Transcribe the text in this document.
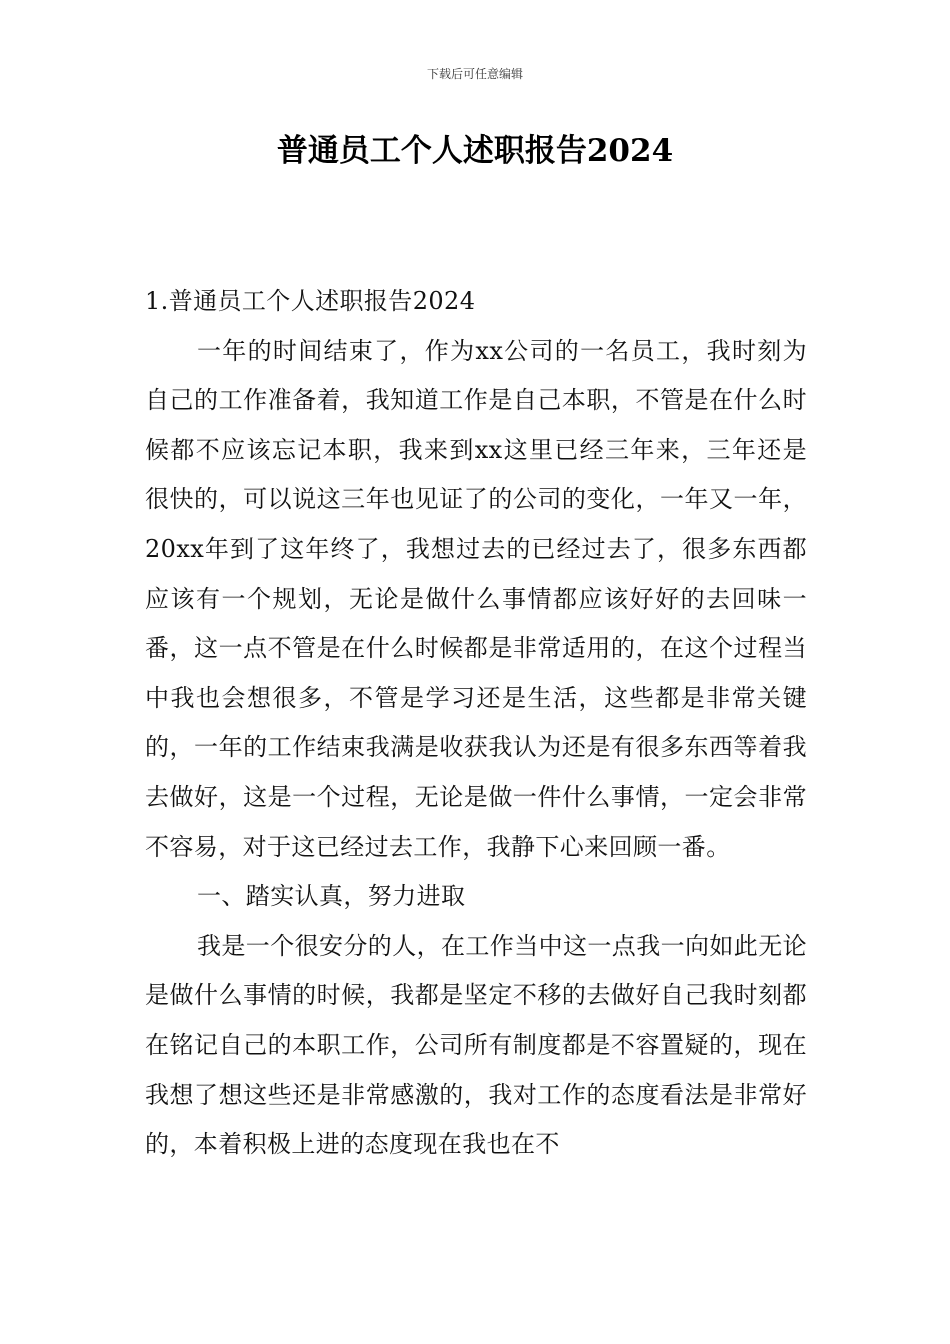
下载后可任意编辑
普通员工个人述职报告2024

1.普通员工个人述职报告2024

一年的时间结束了，作为xx公司的一名员工，我时刻为自己的工作准备着，我知道工作是自己本职，不管是在什么时候都不应该忘记本职，我来到xx这里已经三年来，三年还是很快的，可以说这三年也见证了的公司的变化，一年又一年，20xx年到了这年终了，我想过去的已经过去了，很多东西都应该有一个规划，无论是做什么事情都应该好好的去回味一番，这一点不管是在什么时候都是非常适用的，在这个过程当中我也会想很多，不管是学习还是生活，这些都是非常关键的，一年的工作结束我满是收获我认为还是有很多东西等着我去做好，这是一个过程，无论是做一件什么事情，一定会非常不容易，对于这已经过去工作，我静下心来回顾一番。

一、踏实认真，努力进取

我是一个很安分的人，在工作当中这一点我一向如此无论是做什么事情的时候，我都是坚定不移的去做好自己我时刻都在铭记自己的本职工作，公司所有制度都是不容置疑的，现在我想了想这些还是非常感激的，我对工作的态度看法是非常好的，本着积极上进的态度现在我也在不
